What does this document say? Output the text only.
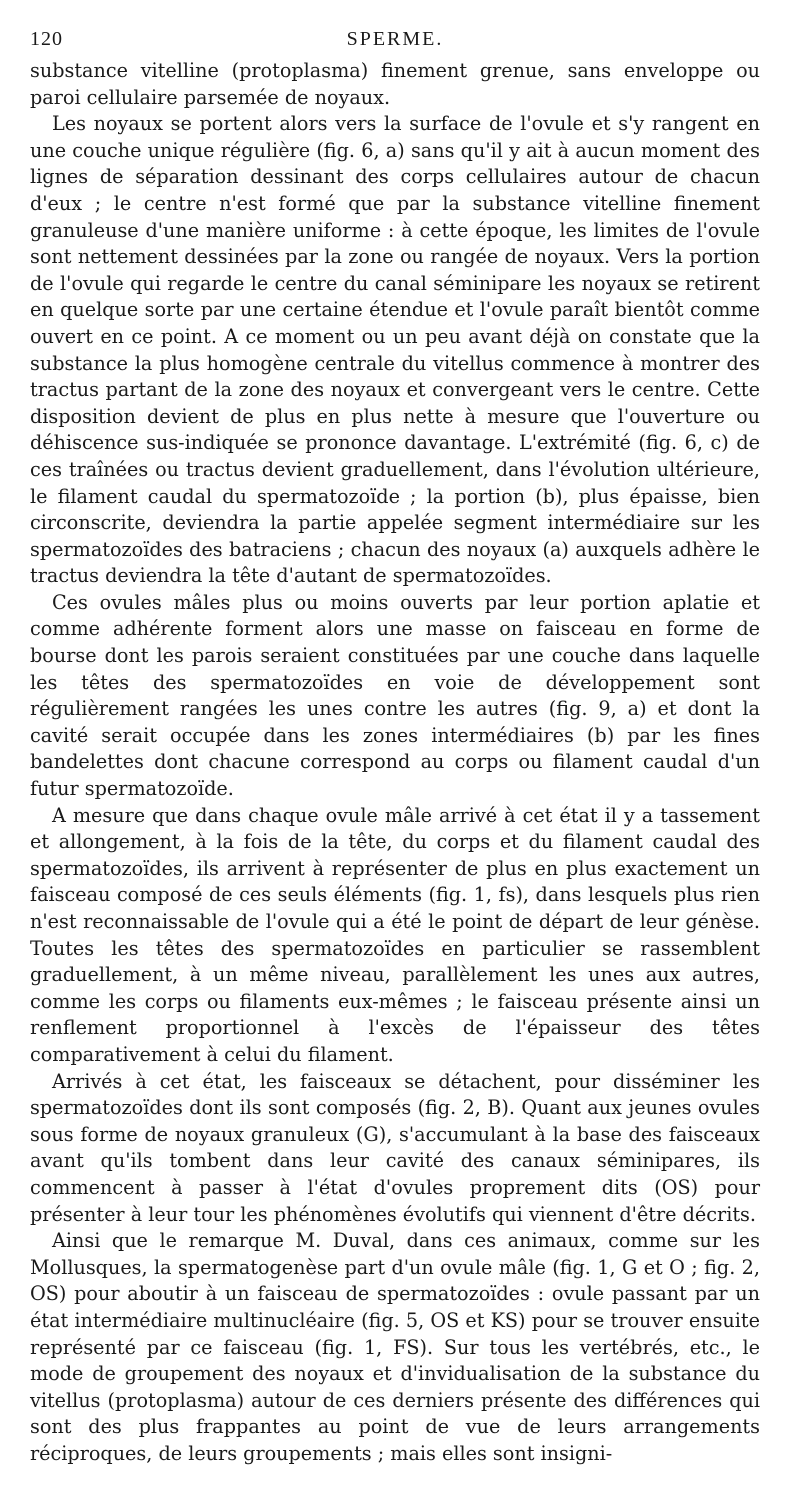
120	SPERME.

substance vitelline (protoplasma) finement grenue, sans enveloppe ou paroi cellulaire parsemée de noyaux.

Les noyaux se portent alors vers la surface de l'ovule et s'y rangent en une couche unique régulière (fig. 6, a) sans qu'il y ait à aucun moment des lignes de séparation dessinant des corps cellulaires autour de chacun d'eux ; le centre n'est formé que par la substance vitelline finement granuleuse d'une manière uniforme : à cette époque, les limites de l'ovule sont nettement dessinées par la zone ou rangée de noyaux. Vers la portion de l'ovule qui regarde le centre du canal séminipare les noyaux se retirent en quelque sorte par une certaine étendue et l'ovule paraît bientôt comme ouvert en ce point. A ce moment ou un peu avant déjà on constate que la substance la plus homogène centrale du vitellus commence à montrer des tractus partant de la zone des noyaux et convergeant vers le centre. Cette disposition devient de plus en plus nette à mesure que l'ouverture ou déhiscence sus-indiquée se prononce davantage. L'extrémité (fig. 6, c) de ces traînées ou tractus devient graduellement, dans l'évolution ultérieure, le filament caudal du spermatozoïde ; la portion (b), plus épaisse, bien circonscrite, deviendra la partie appelée segment intermédiaire sur les spermatozoïdes des batraciens ; chacun des noyaux (a) auxquels adhère le tractus deviendra la tête d'autant de spermatozoïdes.

Ces ovules mâles plus ou moins ouverts par leur portion aplatie et comme adhérente forment alors une masse on faisceau en forme de bourse dont les parois seraient constituées par une couche dans laquelle les têtes des spermatozoïdes en voie de développement sont régulièrement rangées les unes contre les autres (fig. 9, a) et dont la cavité serait occupée dans les zones intermédiaires (b) par les fines bandelettes dont chacune correspond au corps ou filament caudal d'un futur spermatozoïde.

A mesure que dans chaque ovule mâle arrivé à cet état il y a tassement et allongement, à la fois de la tête, du corps et du filament caudal des spermatozoïdes, ils arrivent à représenter de plus en plus exactement un faisceau composé de ces seuls éléments (fig. 1, fs), dans lesquels plus rien n'est reconnaissable de l'ovule qui a été le point de départ de leur génèse. Toutes les têtes des spermatozoïdes en particulier se rassemblent graduellement, à un même niveau, parallèlement les unes aux autres, comme les corps ou filaments eux-mêmes ; le faisceau présente ainsi un renflement proportionnel à l'excès de l'épaisseur des têtes comparativement à celui du filament.

Arrivés à cet état, les faisceaux se détachent, pour disséminer les spermatozoïdes dont ils sont composés (fig. 2, B). Quant aux jeunes ovules sous forme de noyaux granuleux (G), s'accumulant à la base des faisceaux avant qu'ils tombent dans leur cavité des canaux séminipares, ils commencent à passer à l'état d'ovules proprement dits (OS) pour présenter à leur tour les phénomènes évolutifs qui viennent d'être décrits.

Ainsi que le remarque M. Duval, dans ces animaux, comme sur les Mollusques, la spermatogenèse part d'un ovule mâle (fig. 1, G et O ; fig. 2, OS) pour aboutir à un faisceau de spermatozoïdes : ovule passant par un état intermédiaire multinucléaire (fig. 5, OS et KS) pour se trouver ensuite représenté par ce faisceau (fig. 1, FS). Sur tous les vertébrés, etc., le mode de groupement des noyaux et d'invidualisation de la substance du vitellus (protoplasma) autour de ces derniers présente des différences qui sont des plus frappantes au point de vue de leurs arrangements réciproques, de leurs groupements ; mais elles sont insigni-
